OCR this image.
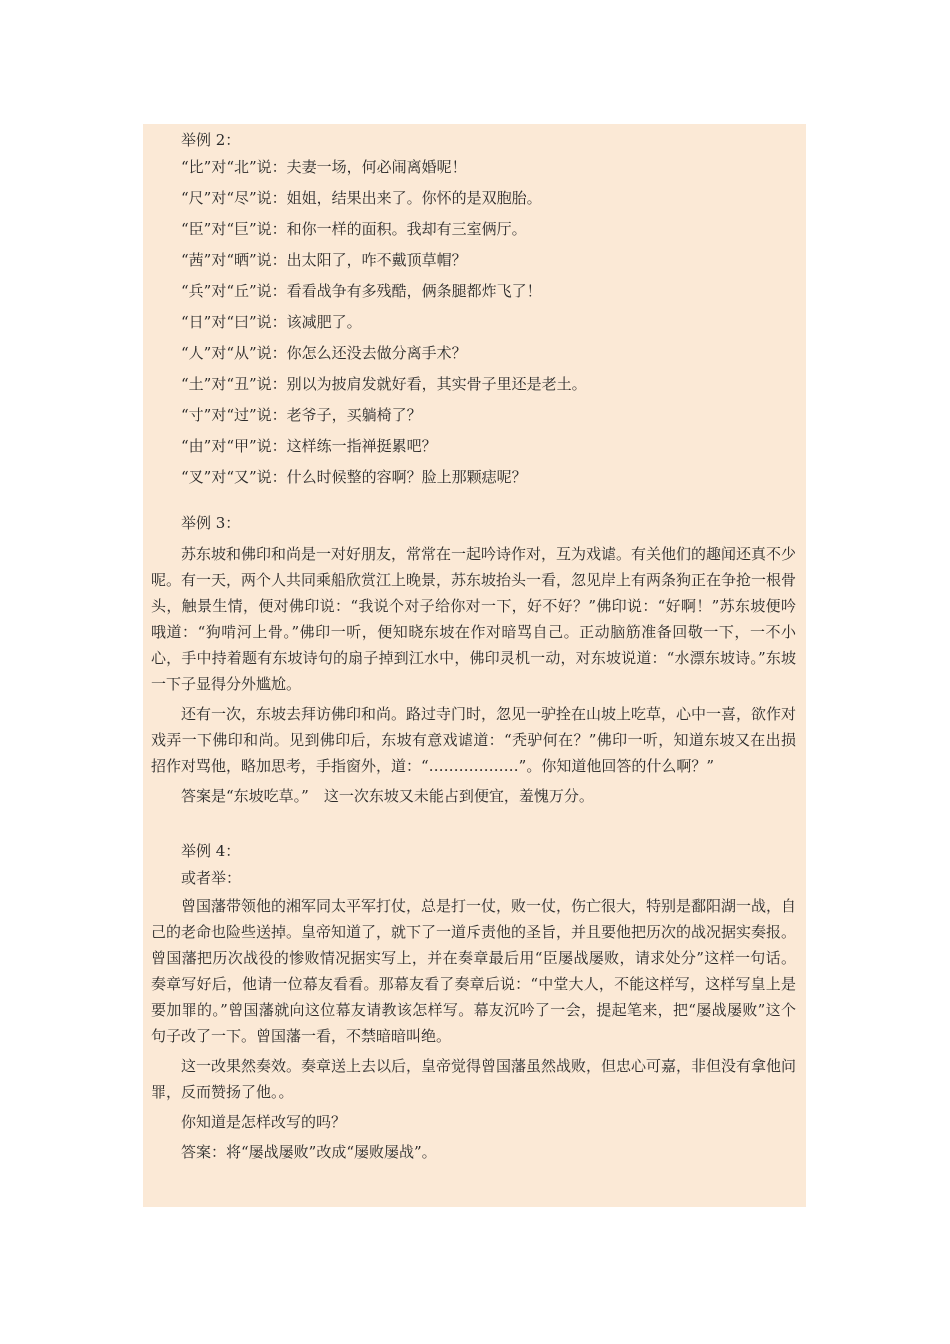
举例 2：

“比”对“北”说：夫妻一场，何必闹离婚呢！

“尺”对“尽”说：姐姐，结果出来了。你怀的是双胞胎。

“臣”对“巨”说：和你一样的面积。我却有三室俩厅。

“茜”对“晒”说：出太阳了，咋不戴顶草帽？

“兵”对“丘”说：看看战争有多残酷，俩条腿都炸飞了！

“日”对“曰”说：该减肥了。

“人”对“从”说：你怎么还没去做分离手术？

“土”对“丑”说：别以为披肩发就好看，其实骨子里还是老土。

“寸”对“过”说：老爷子，买躺椅了？

“由”对“甲”说：这样练一指禅挺累吧？

“叉”对“又”说：什么时候整的容啊？脸上那颗痣呢？

举例 3：

苏东坡和佛印和尚是一对好朋友，常常在一起吟诗作对，互为戏谑。有关他们的趣闻还真不少呢。有一天，两个人共同乘船欣赏江上晚景，苏东坡抬头一看，忽见岸上有两条狗正在争抢一根骨头，触景生情，便对佛印说：“我说个对子给你对一下，好不好？”佛印说：“好啊！”苏东坡便吟哦道：“狗啃河上骨。”佛印一听，便知晓东坡在作对暗骂自己。正动脑筋准备回敬一下，一不小心，手中持着题有东坡诗句的扇子掉到江水中，佛印灵机一动，对东坡说道：“水漂东坡诗。”东坡一下子显得分外尴尬。

还有一次，东坡去拜访佛印和尚。路过寺门时，忽见一驴拴在山坡上吃草，心中一喜，欲作对戏弄一下佛印和尚。见到佛印后，东坡有意戏谑道：“秃驴何在？”佛印一听，知道东坡又在出损招作对骂他，略加思考，手指窗外，道：“………………”。你知道他回答的什么啊？”

答案是“东坡吃草。”　这一次东坡又未能占到便宜，羞愧万分。

举例 4：

或者举：

曾国藩带领他的湘军同太平军打仗，总是打一仗，败一仗，伤亡很大，特别是鄱阳湖一战，自己的老命也险些送掉。皇帝知道了，就下了一道斥责他的圣旨，并且要他把历次的战况据实奏报。曾国藩把历次战役的惨败情况据实写上，并在奏章最后用“臣屡战屡败，请求处分”这样一句话。奏章写好后，他请一位幕友看看。那幕友看了奏章后说：“中堂大人，不能这样写，这样写皇上是要加罪的。”曾国藩就向这位幕友请教该怎样写。幕友沉吟了一会，提起笔来，把“屡战屡败”这个句子改了一下。曾国藩一看，不禁暗暗叫绝。

这一改果然奏效。奏章送上去以后，皇帝觉得曾国藩虽然战败，但忠心可嘉，非但没有拿他问罪，反而赞扬了他。。

你知道是怎样改写的吗？

答案：将“屡战屡败”改成“屡败屡战”。
